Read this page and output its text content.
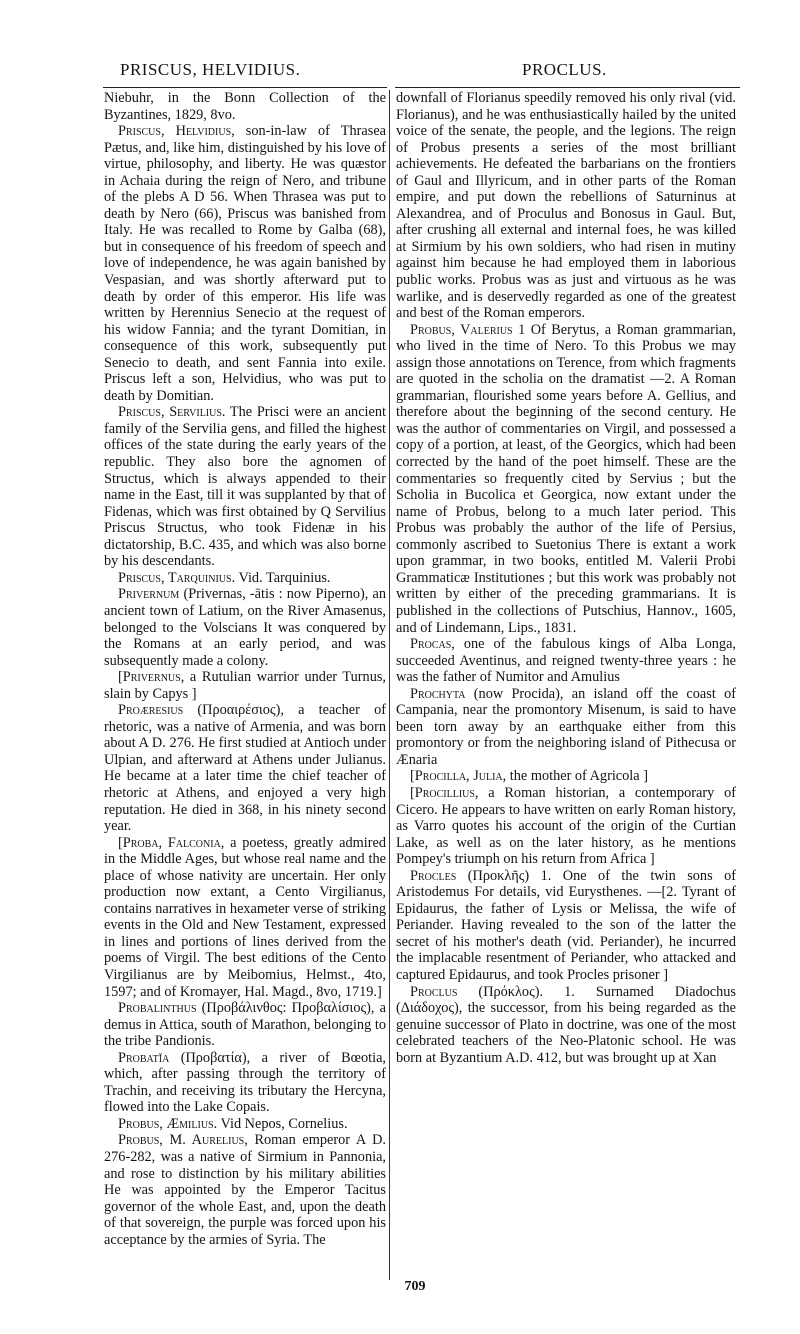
PRISCUS, HELVIDIUS.	PROCLUS.

Niebuhr, in the Bonn Collection of the Byzantines, 1829, 8vo.

Priscus, Helvidius, son-in-law of Thrasea Pætus, and, like him, distinguished by his love of virtue, philosophy, and liberty. He was quæstor in Achaia during the reign of Nero, and tribune of the plebs A D 56. When Thrasea was put to death by Nero (66), Priscus was banished from Italy. He was recalled to Rome by Galba (68), but in consequence of his freedom of speech and love of independence, he was again banished by Vespasian, and was shortly afterward put to death by order of this emperor. His life was written by Herennius Senecio at the request of his widow Fannia; and the tyrant Domitian, in consequence of this work, subsequently put Senecio to death, and sent Fannia into exile. Priscus left a son, Helvidius, who was put to death by Domitian.

Priscus, Servilius. The Prisci were an ancient family of the Servilia gens, and filled the highest offices of the state during the early years of the republic. They also bore the agnomen of Structus, which is always appended to their name in the East, till it was supplanted by that of Fidenas, which was first obtained by Q Servilius Priscus Structus, who took Fidenæ in his dictatorship, B.C. 435, and which was also borne by his descendants.

Priscus, Tarquinius. Vid. Tarquinius.

Privernum (Privernas, -ātis : now Piperno), an ancient town of Latium, on the River Amasenus, belonged to the Volscians It was conquered by the Romans at an early period, and was subsequently made a colony.

[Privernus, a Rutulian warrior under Turnus, slain by Capys ]

Proæresius (Προαιρέσιος), a teacher of rhetoric, was a native of Armenia, and was born about A D. 276. He first studied at Antioch under Ulpian, and afterward at Athens under Julianus. He became at a later time the chief teacher of rhetoric at Athens, and enjoyed a very high reputation. He died in 368, in his ninety second year.

[Proba, Falconia, a poetess, greatly admired in the Middle Ages, but whose real name and the place of whose nativity are uncertain. Her only production now extant, a Cento Virgilianus, contains narratives in hexameter verse of striking events in the Old and New Testament, expressed in lines and portions of lines derived from the poems of Virgil. The best editions of the Cento Virgilianus are by Meibomius, Helmst., 4to, 1597; and of Kromayer, Hal. Magd., 8vo, 1719.]

Probalinthus (Προβάλινθος: Προβαλίσιος), a demus in Attica, south of Marathon, belonging to the tribe Pandionis.

Probatĭa (Προβατία), a river of Bœotia, which, after passing through the territory of Trachin, and receiving its tributary the Hercyna, flowed into the Lake Copais.

Probus, Æmilius. Vid Nepos, Cornelius.

Probus, M. Aurelius, Roman emperor A D. 276-282, was a native of Sirmium in Pannonia, and rose to distinction by his military abilities He was appointed by the Emperor Tacitus governor of the whole East, and, upon the death of that sovereign, the purple was forced upon his acceptance by the armies of Syria. The

downfall of Florianus speedily removed his only rival (vid. Florianus), and he was enthusiastically hailed by the united voice of the senate, the people, and the legions. The reign of Probus presents a series of the most brilliant achievements. He defeated the barbarians on the frontiers of Gaul and Illyricum, and in other parts of the Roman empire, and put down the rebellions of Saturninus at Alexandrea, and of Proculus and Bonosus in Gaul. But, after crushing all external and internal foes, he was killed at Sirmium by his own soldiers, who had risen in mutiny against him because he had employed them in laborious public works. Probus was as just and virtuous as he was warlike, and is deservedly regarded as one of the greatest and best of the Roman emperors.

Probus, Valerius 1 Of Berytus, a Roman grammarian, who lived in the time of Nero. To this Probus we may assign those annotations on Terence, from which fragments are quoted in the scholia on the dramatist —2. A Roman grammarian, flourished some years before A. Gellius, and therefore about the beginning of the second century. He was the author of commentaries on Virgil, and possessed a copy of a portion, at least, of the Georgics, which had been corrected by the hand of the poet himself. These are the commentaries so frequently cited by Servius ; but the Scholia in Bucolica et Georgica, now extant under the name of Probus, belong to a much later period. This Probus was probably the author of the life of Persius, commonly ascribed to Suetonius There is extant a work upon grammar, in two books, entitled M. Valerii Probi Grammaticæ Institutiones ; but this work was probably not written by either of the preceding grammarians. It is published in the collections of Putschius, Hannov., 1605, and of Lindemann, Lips., 1831.

Procas, one of the fabulous kings of Alba Longa, succeeded Aventinus, and reigned twenty-three years : he was the father of Numitor and Amulius

Prochyta (now Procida), an island off the coast of Campania, near the promontory Misenum, is said to have been torn away by an earthquake either from this promontory or from the neighboring island of Pithecusa or Ænaria

[Procilla, Julia, the mother of Agricola ]

[Procillius, a Roman historian, a contemporary of Cicero. He appears to have written on early Roman history, as Varro quotes his account of the origin of the Curtian Lake, as well as on the later history, as he mentions Pompey's triumph on his return from Africa ]

Procles (Προκλῆς) 1. One of the twin sons of Aristodemus For details, vid Eurysthenes. —[2. Tyrant of Epidaurus, the father of Lysis or Melissa, the wife of Periander. Having revealed to the son of the latter the secret of his mother's death (vid. Periander), he incurred the implacable resentment of Periander, who attacked and captured Epidaurus, and took Procles prisoner ]

Proclus (Πρόκλος). 1. Surnamed Diadochus (Διάδοχος), the successor, from his being regarded as the genuine successor of Plato in doctrine, was one of the most celebrated teachers of the Neo-Platonic school. He was born at Byzantium A.D. 412, but was brought up at Xan

709
